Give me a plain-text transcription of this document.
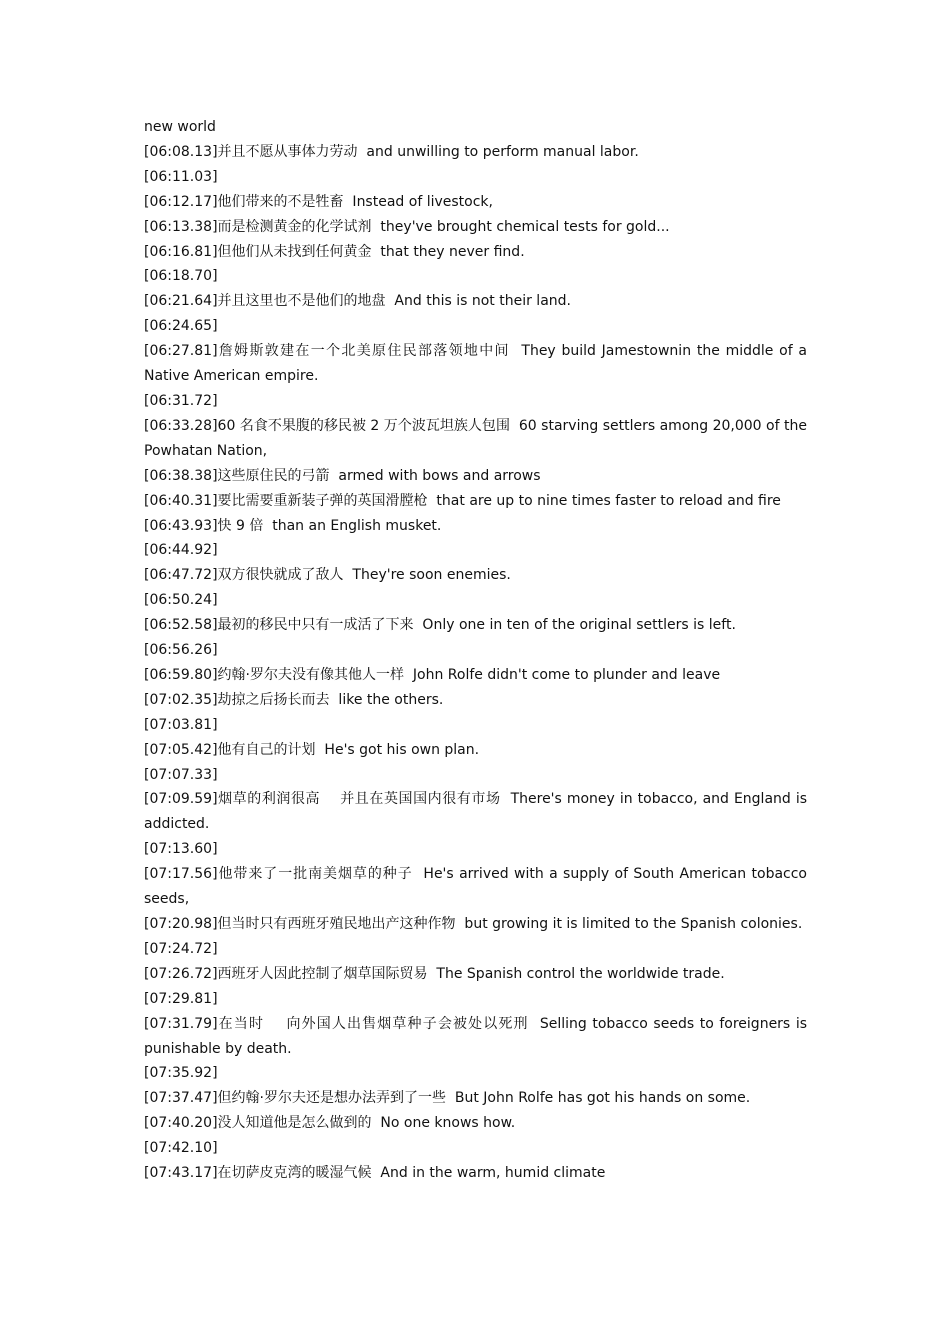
new world
[06:08.13]并且不愿从事体力劳动  and unwilling to perform manual labor.
[06:11.03]
[06:12.17]他们带来的不是牲畜  Instead of livestock,
[06:13.38]而是检测黄金的化学试剂  they've brought chemical tests for gold...
[06:16.81]但他们从未找到任何黄金  that they never find.
[06:18.70]
[06:21.64]并且这里也不是他们的地盘  And this is not their land.
[06:24.65]
[06:27.81]詹姆斯敦建在一个北美原住民部落领地中间  They build Jamestownin the middle of a Native American empire.
[06:31.72]
[06:33.28]60 名食不果腹的移民被 2 万个波瓦坦族人包围  60 starving settlers among 20,000 of the Powhatan Nation,
[06:38.38]这些原住民的弓箭  armed with bows and arrows
[06:40.31]要比需要重新装子弹的英国滑膛枪  that are up to nine times faster to reload and fire
[06:43.93]快 9 倍  than an English musket.
[06:44.92]
[06:47.72]双方很快就成了敌人  They're soon enemies.
[06:50.24]
[06:52.58]最初的移民中只有一成活了下来  Only one in ten of the original settlers is left.
[06:56.26]
[06:59.80]约翰·罗尔夫没有像其他人一样  John Rolfe didn't come to plunder and leave
[07:02.35]劫掠之后扬长而去  like the others.
[07:03.81]
[07:05.42]他有自己的计划  He's got his own plan.
[07:07.33]
[07:09.59]烟草的利润很高    并且在英国国内很有市场  There's money in tobacco, and England is addicted.
[07:13.60]
[07:17.56]他带来了一批南美烟草的种子  He's arrived with a supply of South American tobacco seeds,
[07:20.98]但当时只有西班牙殖民地出产这种作物  but growing it is limited to the Spanish colonies.
[07:24.72]
[07:26.72]西班牙人因此控制了烟草国际贸易  The Spanish control the worldwide trade.
[07:29.81]
[07:31.79]在当时    向外国人出售烟草种子会被处以死刑  Selling tobacco seeds to foreigners is punishable by death.
[07:35.92]
[07:37.47]但约翰·罗尔夫还是想办法弄到了一些  But John Rolfe has got his hands on some.
[07:40.20]没人知道他是怎么做到的  No one knows how.
[07:42.10]
[07:43.17]在切萨皮克湾的暖湿气候  And in the warm, humid climate
